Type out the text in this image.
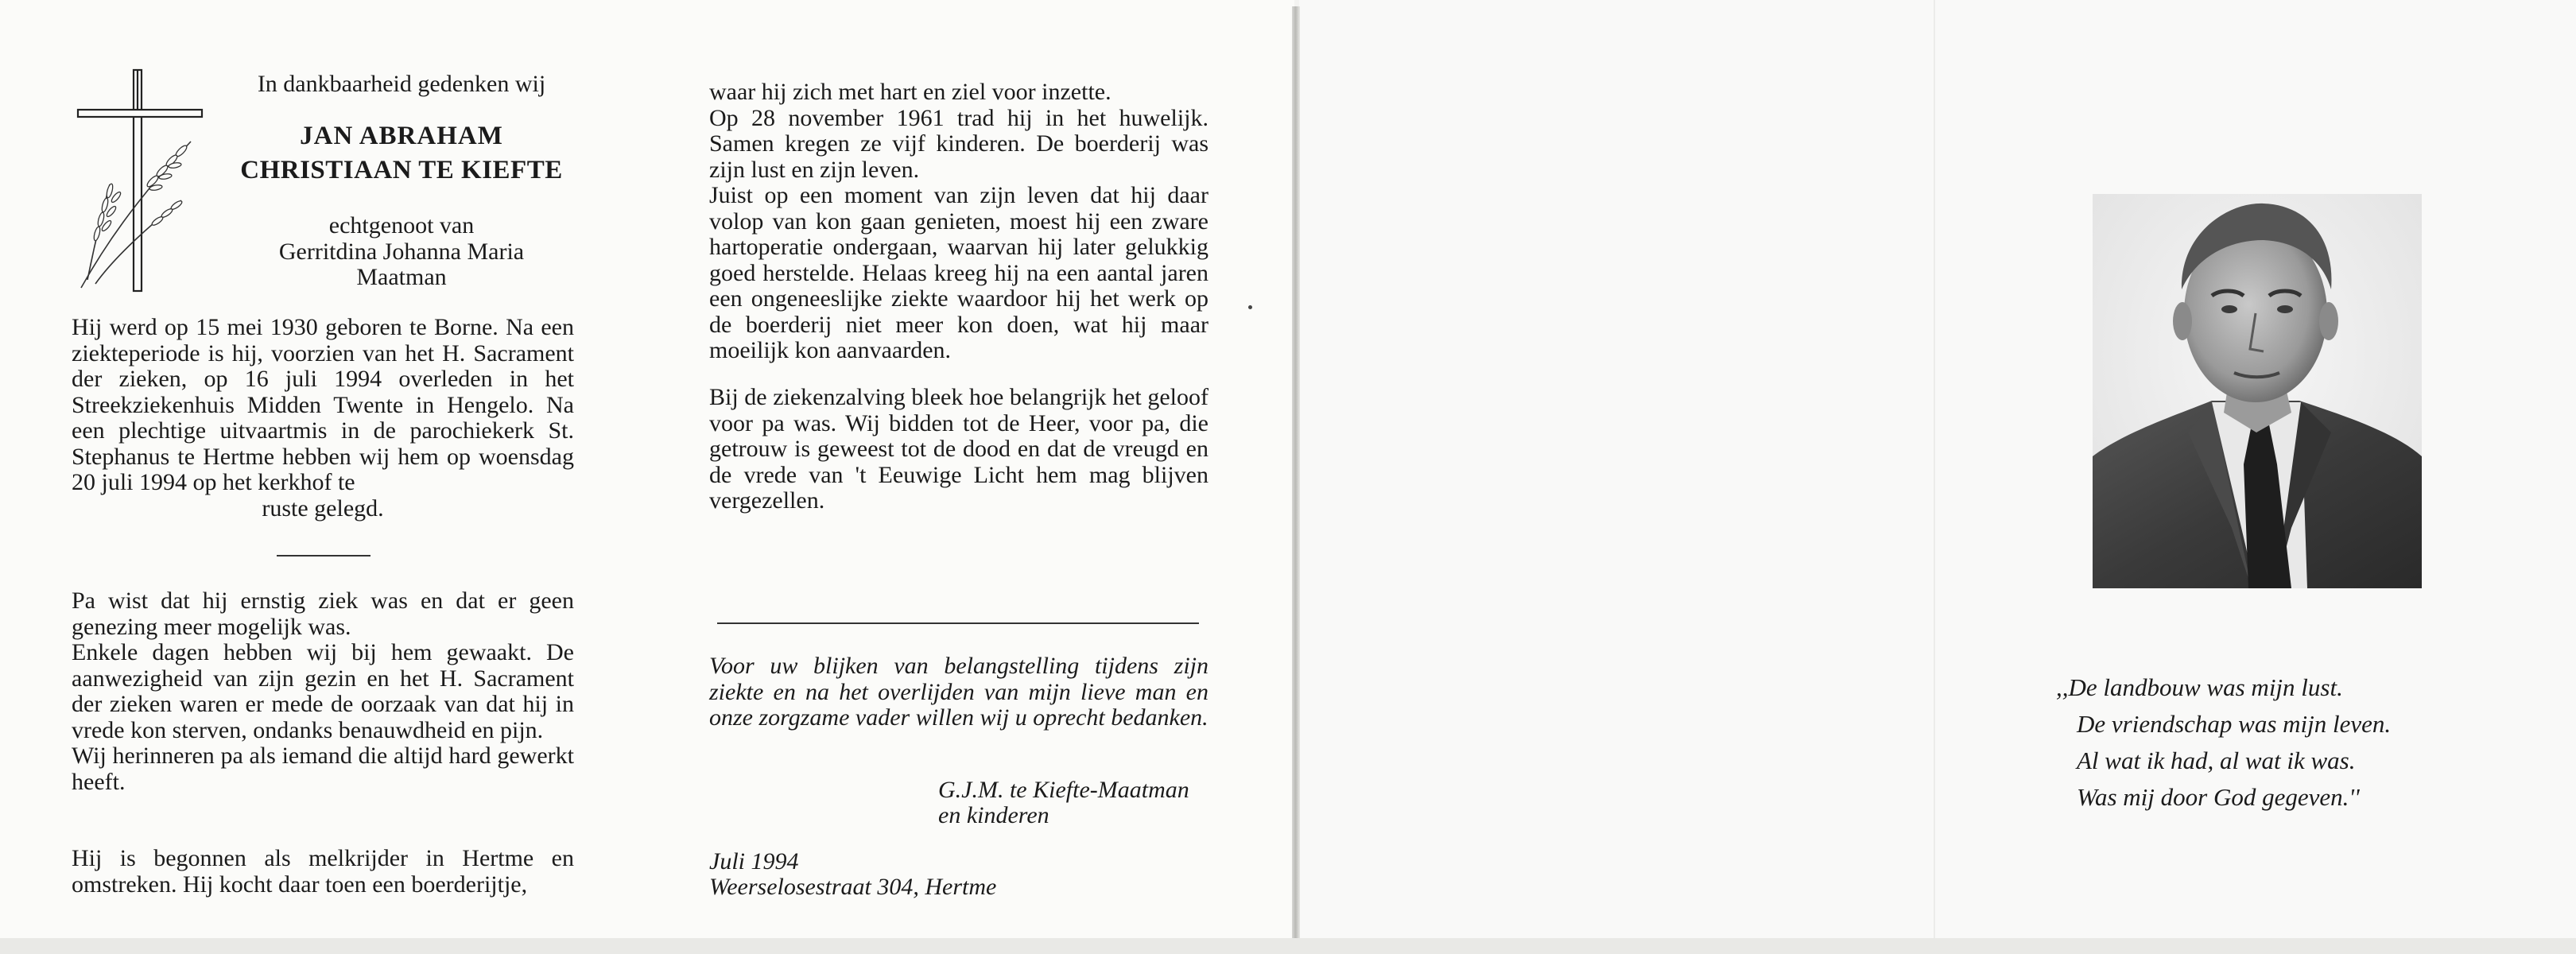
In dankbaarheid gedenken wij
JAN ABRAHAM
CHRISTIAAN TE KIEFTE
echtgenoot van
Gerritdina Johanna Maria
Maatman

Hij werd op 15 mei 1930 geboren te Borne. Na een ziekteperiode is hij, voorzien van het H. Sacrament der zieken, op 16 juli 1994 overleden in het Streekziekenhuis Midden Twente in Hengelo. Na een plechtige uitvaartmis in de parochiekerk St. Stephanus te Hertme hebben wij hem op woensdag 20 juli 1994 op het kerkhof te

ruste gelegd.

Pa wist dat hij ernstig ziek was en dat er geen genezing meer mogelijk was.

Enkele dagen hebben wij bij hem gewaakt. De aanwezigheid van zijn gezin en het H. Sacrament der zieken waren er mede de oorzaak van dat hij in vrede kon sterven, ondanks benauwdheid en pijn.

Wij herinneren pa als iemand die altijd hard gewerkt heeft.

Hij is begonnen als melkrijder in Hertme en omstreken. Hij kocht daar toen een boerderijtje,

waar hij zich met hart en ziel voor inzette.

Op 28 november 1961 trad hij in het huwelijk. Samen kregen ze vijf kinderen. De boerderij was zijn lust en zijn leven.

Juist op een moment van zijn leven dat hij daar volop van kon gaan genieten, moest hij een zware hartoperatie ondergaan, waarvan hij later gelukkig goed herstelde. Helaas kreeg hij na een aantal jaren een ongeneeslijke ziekte waardoor hij het werk op de boerderij niet meer kon doen, wat hij maar moeilijk kon aanvaarden.

Bij de ziekenzalving bleek hoe belangrijk het geloof voor pa was. Wij bidden tot de Heer, voor pa, die getrouw is geweest tot de dood en dat de vreugd en de vrede van 't Eeuwige Licht hem mag blijven vergezellen.

Voor uw blijken van belangstelling tijdens zijn ziekte en na het overlijden van mijn lieve man en onze zorgzame vader willen wij u oprecht bedanken.

G.J.M. te Kiefte-Maatman
en kinderen
Juli 1994
Weerselosestraat 304, Hertme
,,De landbouw was mijn lust.
De vriendschap was mijn leven.
Al wat ik had, al wat ik was.
Was mij door God gegeven.''
